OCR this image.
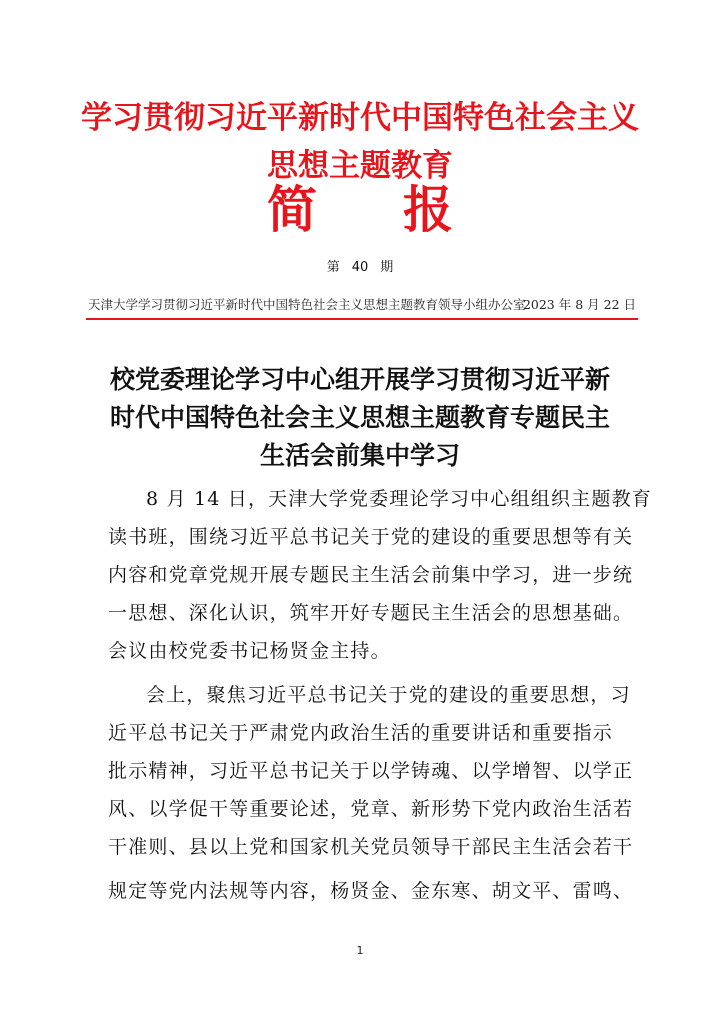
学习贯彻习近平新时代中国特色社会主义
思想主题教育
简 报
第 40 期
天津大学学习贯彻习近平新时代中国特色社会主义思想主题教育领导小组办公室
2023 年 8 月 22 日
校党委理论学习中心组开展学习贯彻习近平新
时代中国特色社会主义思想主题教育专题民主
生活会前集中学习
8 月 14 日，天津大学党委理论学习中心组组织主题教育
读书班，围绕习近平总书记关于党的建设的重要思想等有关
内容和党章党规开展专题民主生活会前集中学习，进一步统
一思想、深化认识，筑牢开好专题民主生活会的思想基础。
会议由校党委书记杨贤金主持。
会上，聚焦习近平总书记关于党的建设的重要思想，习
近平总书记关于严肃党内政治生活的重要讲话和重要指示
批示精神，习近平总书记关于以学铸魂、以学增智、以学正
风、以学促干等重要论述，党章、新形势下党内政治生活若
干准则、县以上党和国家机关党员领导干部民主生活会若干
规定等党内法规等内容，杨贤金、金东寒、胡文平、雷鸣、
1
